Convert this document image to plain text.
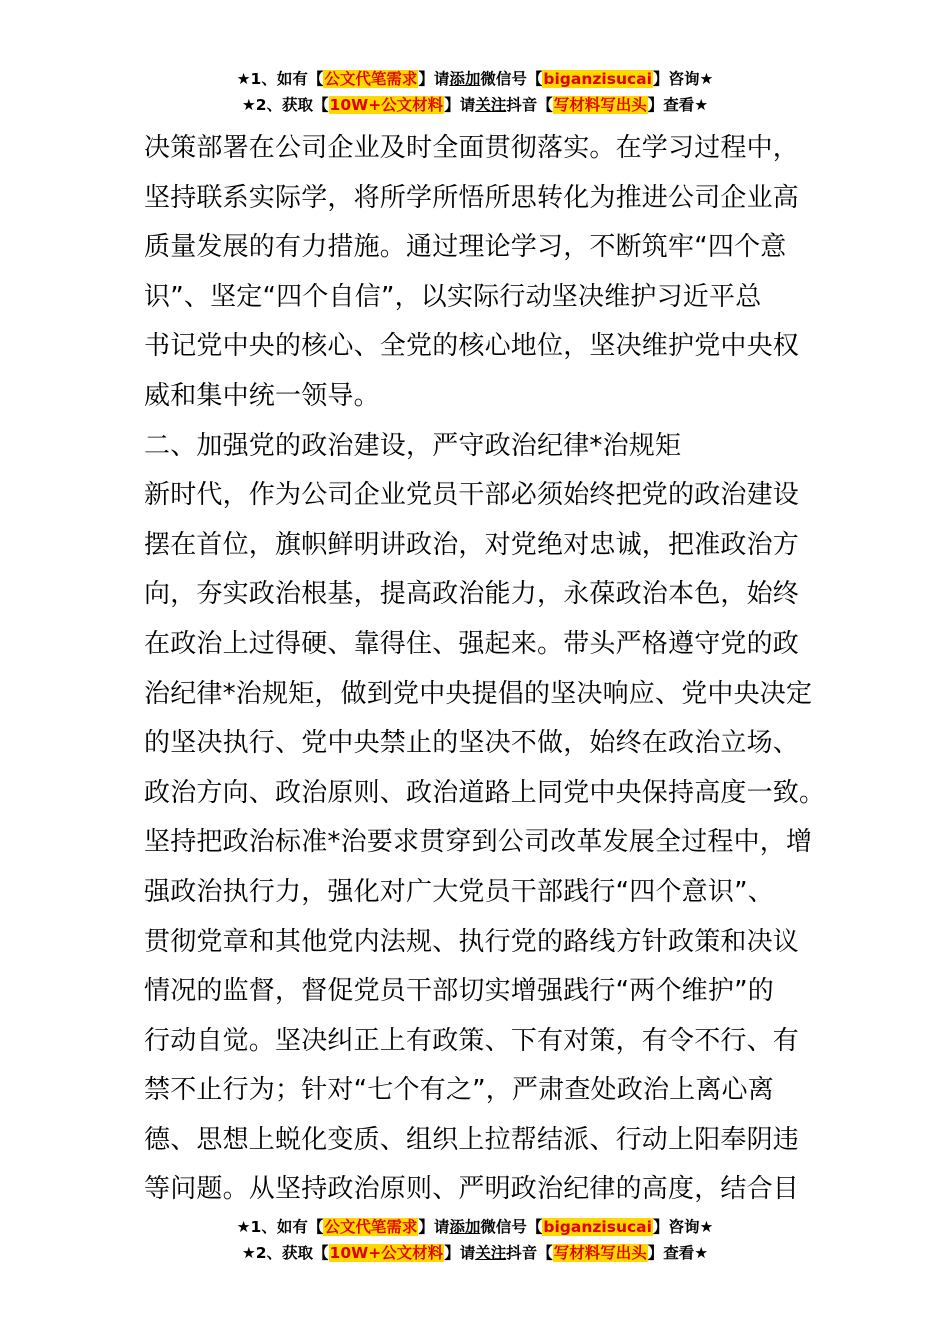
★1、如有【公文代笔需求】请添加微信号【biganzisucai】咨询★
★2、获取【10W+公文材料】请关注抖音【写材料写出头】查看★

决策部署在公司企业及时全面贯彻落实。在学习过程中，

坚持联系实际学，将所学所悟所思转化为推进公司企业高

质量发展的有力措施。通过理论学习，不断筑牢“四个意

识”、坚定“四个自信”，以实际行动坚决维护习近平总

书记党中央的核心、全党的核心地位，坚决维护党中央权

威和集中统一领导。

二、加强党的政治建设，严守政治纪律*治规矩

新时代，作为公司企业党员干部必须始终把党的政治建设

摆在首位，旗帜鲜明讲政治，对党绝对忠诚，把准政治方

向，夯实政治根基，提高政治能力，永葆政治本色，始终

在政治上过得硬、靠得住、强起来。带头严格遵守党的政

治纪律*治规矩，做到党中央提倡的坚决响应、党中央决定

的坚决执行、党中央禁止的坚决不做，始终在政治立场、

政治方向、政治原则、政治道路上同党中央保持高度一致。

坚持把政治标准*治要求贯穿到公司改革发展全过程中，增

强政治执行力，强化对广大党员干部践行“四个意识”、

贯彻党章和其他党内法规、执行党的路线方针政策和决议

情况的监督，督促党员干部切实增强践行“两个维护”的

行动自觉。坚决纠正上有政策、下有对策，有令不行、有

禁不止行为；针对“七个有之”，严肃查处政治上离心离

德、思想上蜕化变质、组织上拉帮结派、行动上阳奉阴违

等问题。从坚持政治原则、严明政治纪律的高度，结合目

★1、如有【公文代笔需求】请添加微信号【biganzisucai】咨询★
★2、获取【10W+公文材料】请关注抖音【写材料写出头】查看★
